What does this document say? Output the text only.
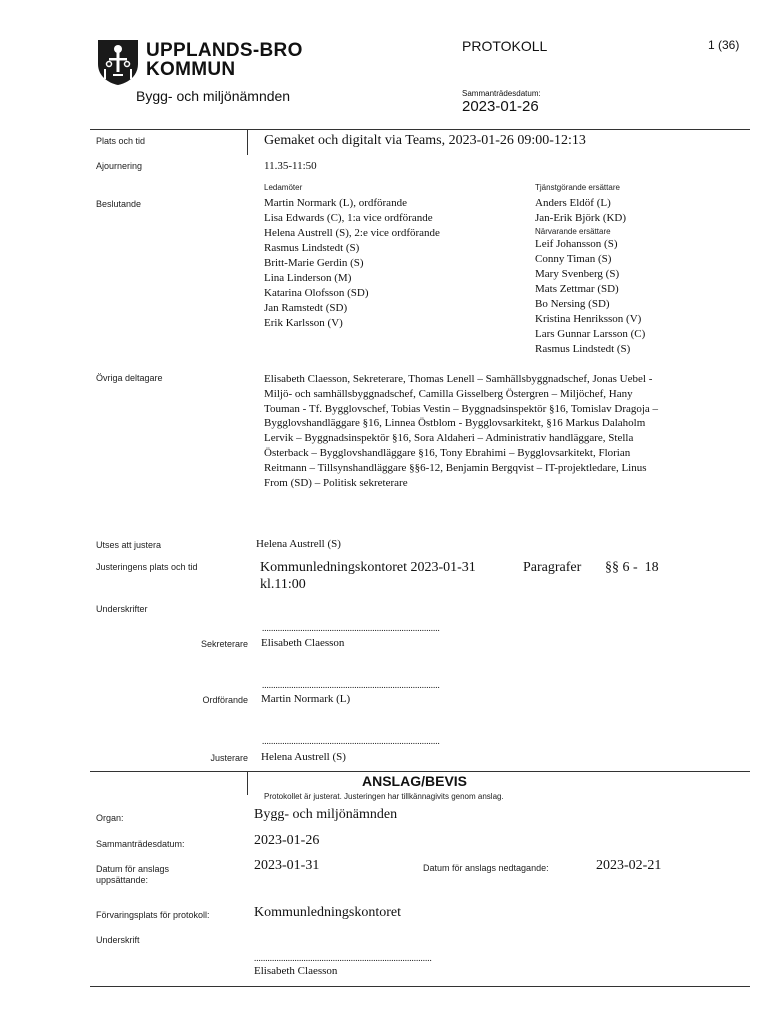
UPPLANDS-BRO
KOMMUN
Bygg- och miljönämnden
PROTOKOLL	1 (36)
Sammanträdesdatum:
2023-01-26
Plats och tid	Gemaket och digitalt via Teams, 2023-01-26 09:00-12:13
Ajournering	11.35-11:50
Ledamöter
Beslutande	Martin Normark (L), ordförande
Lisa Edwards (C), 1:a vice ordförande
Helena Austrell (S), 2:e vice ordförande
Rasmus Lindstedt (S)
Britt-Marie Gerdin (S)
Lina Linderson (M)
Katarina Olofsson (SD)
Jan Ramstedt (SD)
Erik Karlsson (V)
Tjänstgörande ersättare
Anders Eldöf (L)
Jan-Erik Björk (KD)
Närvarande ersättare
Leif Johansson (S)
Conny Timan (S)
Mary Svenberg (S)
Mats Zettmar (SD)
Bo Nersing (SD)
Kristina Henriksson (V)
Lars Gunnar Larsson (C)
Rasmus Lindstedt (S)
Övriga deltagare	Elisabeth Claesson, Sekreterare, Thomas Lenell – Samhällsbyggnadschef, Jonas Uebel -
Miljö- och samhällsbyggnadschef, Camilla Gisselberg Östergren – Miljöchef, Hany
Touman - Tf. Bygglovschef, Tobias Vestin – Byggnadsinspektör §16, Tomislav Dragoja –
Bygglovshandläggare §16, Linnea Östblom - Bygglovsarkitekt, §16 Markus Dalaholm
Lervik – Byggnadsinspektör §16, Sora Aldaheri – Administrativ handläggare, Stella
Österback – Bygglovshandläggare §16, Tony Ebrahimi – Bygglovsarkitekt, Florian
Reitmann – Tillsynshandläggare §§6-12, Benjamin Bergqvist – IT-projektledare, Linus
From (SD) – Politisk sekreterare
Utses att justera	Helena Austrell (S)
Justeringens plats och tid	Kommunledningskontoret 2023-01-31
kl.11:00
Paragrafer §§ 6 -  18
Underskrifter
...............................................................................
Sekreterare Elisabeth Claesson
...............................................................................
Ordförande Martin Normark (L)
...............................................................................
Justerare Helena Austrell (S)
ANSLAG/BEVIS
Protokollet är justerat. Justeringen har tillkännagivits genom anslag.
Organ:	Bygg- och miljönämnden
Sammanträdesdatum:	2023-01-26
Datum för anslags
uppsättande:
2023-01-31	Datum för anslags nedtagande:	2023-02-21
Förvaringsplats för protokoll:	Kommunledningskontoret
Underskrift
...............................................................................
Elisabeth Claesson
